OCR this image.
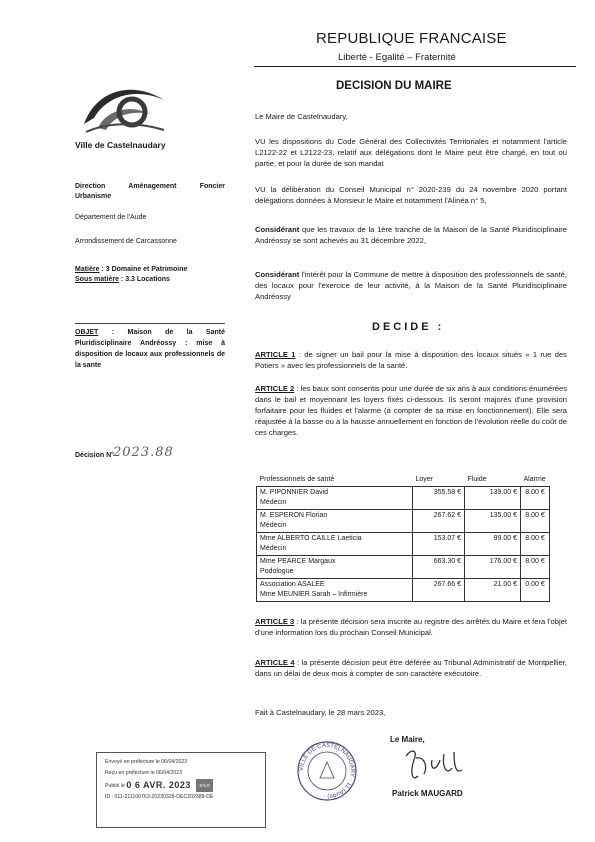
REPUBLIQUE FRANCAISE
Liberté - Egalité – Fraternité
DECISION DU MAIRE
Ville de Castelnaudary
Direction Aménagement Foncier
Urbanisme
Département de l'Aude
Arrondissement de Carcassonne
Matière : 3 Domaine et Patrimoine
Sous matière : 3.3 Locations
OBJET : Maison de la Santé Pluridisciplinaire Andréossy : mise à disposition de locaux aux professionnels de la sante
Décision N° 2023.88
Le Maire de Castelnaudary,
VU les dispositions du Code Général des Collectivités Territoriales et notamment l'article L2122-22 et L2122-23, relatif aux délégations dont le Maire peut être chargé, en tout ou partie, et pour la durée de son mandat
VU la délibération du Conseil Municipal n° 2020-239 du 24 novembre 2020 portant délégations données à Monsieur le Maire et notamment l'Alinéa n° 5,
Considérant que les travaux de la 1ère tranche de la Maison de la Santé Pluridisciplinaire Andréossy se sont achevés au 31 décembre 2022,
Considérant l'intérêt pour la Commune de mettre à disposition des professionnels de santé, des locaux pour l'exercice de leur activité, à la Maison de la Santé Pluridisciplinaire Andréossy
DECIDE :
ARTICLE 1 : de signer un bail pour la mise à disposition des locaux situés « 1 rue des Potiers » avec les professionnels de la santé.
ARTICLE 2 : les baux sont consentis pour une durée de six ans à aux conditions énumérées dans le bail et moyennant les loyers fixés ci-dessous. Ils seront majorés d'une provision forfaitaire pour les fluides et l'alarme (à compter de sa mise en fonctionnement). Elle sera réajustée à la basse ou à la hausse annuellement en fonction de l'évolution réelle du coût de ces charges.
Professionnels de santé	Loyer	Fluide	Alarme

M. PIPONNIER David
Médecin	355.58 €	139.00 €	8.00 €

M. ESPERON Florian
Médecin	267.62 €	135.00 €	8.00 €

Mme ALBERTO CAILLE Laeticia
Médecin	153.07 €	99.00 €	8.00 €

Mme PEARCE Margaux
Podologue	663.30 €	176.00 €	8.00 €

Association ASALEE
Mme MEUNIER Sarah – Infirmière	267.66 €	21.00 €	0.00 €
ARTICLE 3 : la présente décision sera inscrite au registre des arrêtés du Maire et fera l'objet d'une information lors du prochain Conseil Municipal.
ARTICLE 4 : la présente décision peut être déférée au Tribunal Administratif de Montpellier, dans un délai de deux mois à compter de son caractère exécutoire.
Fait à Castelnaudary, le 28 mars 2023,
Le Maire,
Patrick MAUGARD
VILLE DE CASTELNAUDARY · 11 (Aude) ·
Envoyé en préfecture le 06/04/2023
Reçu en préfecture le 06/04/2023
Publié le 0 6 AVR. 2023 S²LO
ID : 011-211100763-20230328-DEC202388-DE
